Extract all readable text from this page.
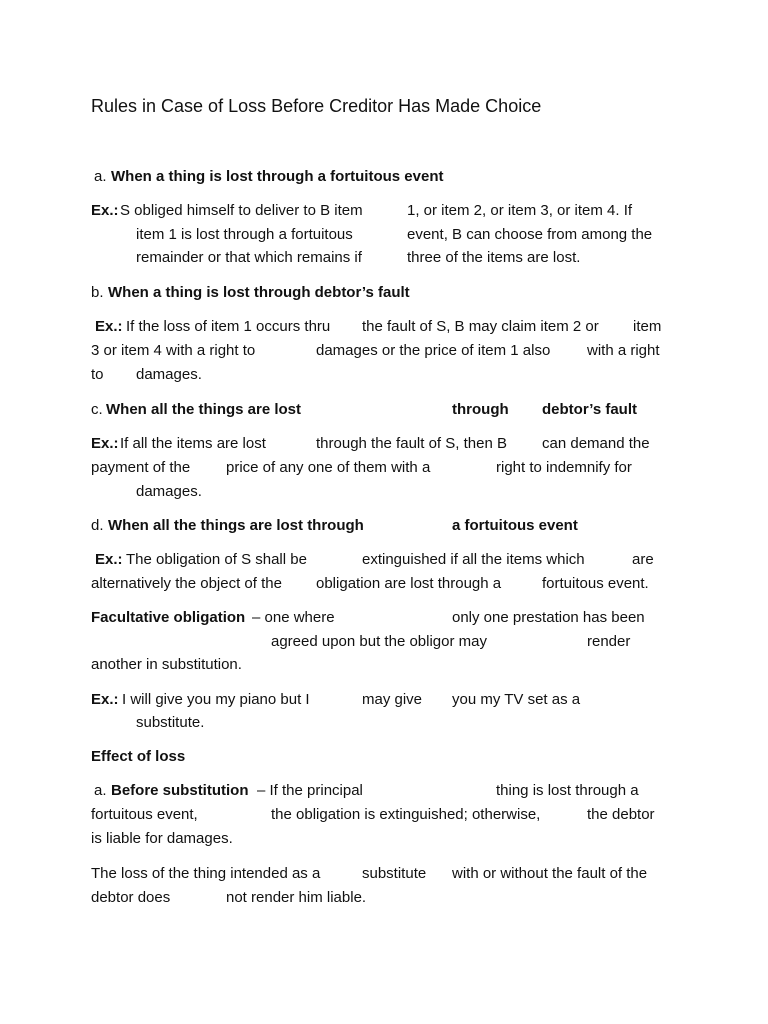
Rules in Case of Loss Before Creditor Has Made Choice
a. When a thing is lost through a fortuitous event
Ex.: S obliged himself to deliver to B item	1, or item 2, or item 3, or item 4. If
item 1 is lost through a fortuitous	event, B can choose from among the
remainder or that which remains if	three of the items are lost.
b. When a thing is lost through debtor’s fault
Ex.: If the loss of item 1 occurs thru the fault of S, B may claim item 2 or item
3 or item 4 with a right to	damages or the price of item 1 also with a right
to damages.
c. When all the things are lost	through debtor’s fault
Ex.: If all the items are lost	through the fault of S, then B can demand the
payment of the price of any one of them with a	right to indemnify for
damages.
d. When all the things are lost through	a fortuitous event
Ex.: The obligation of S shall be	extinguished if all the items which	are
alternatively the object of the obligation are lost through a	fortuitous event.
Facultative obligation – one where	only one prestation has been
agreed upon but the obligor may	render
another in substitution.
Ex.: I will give you my piano but I	may give you my TV set as a
substitute.
Effect of loss
a. Before substitution – If the principal	thing is lost through a
fortuitous event,	the obligation is extinguished; otherwise,	the debtor
is liable for damages.
The loss of the thing intended as a	substitute with or without the fault of the
debtor does	not render him liable.
